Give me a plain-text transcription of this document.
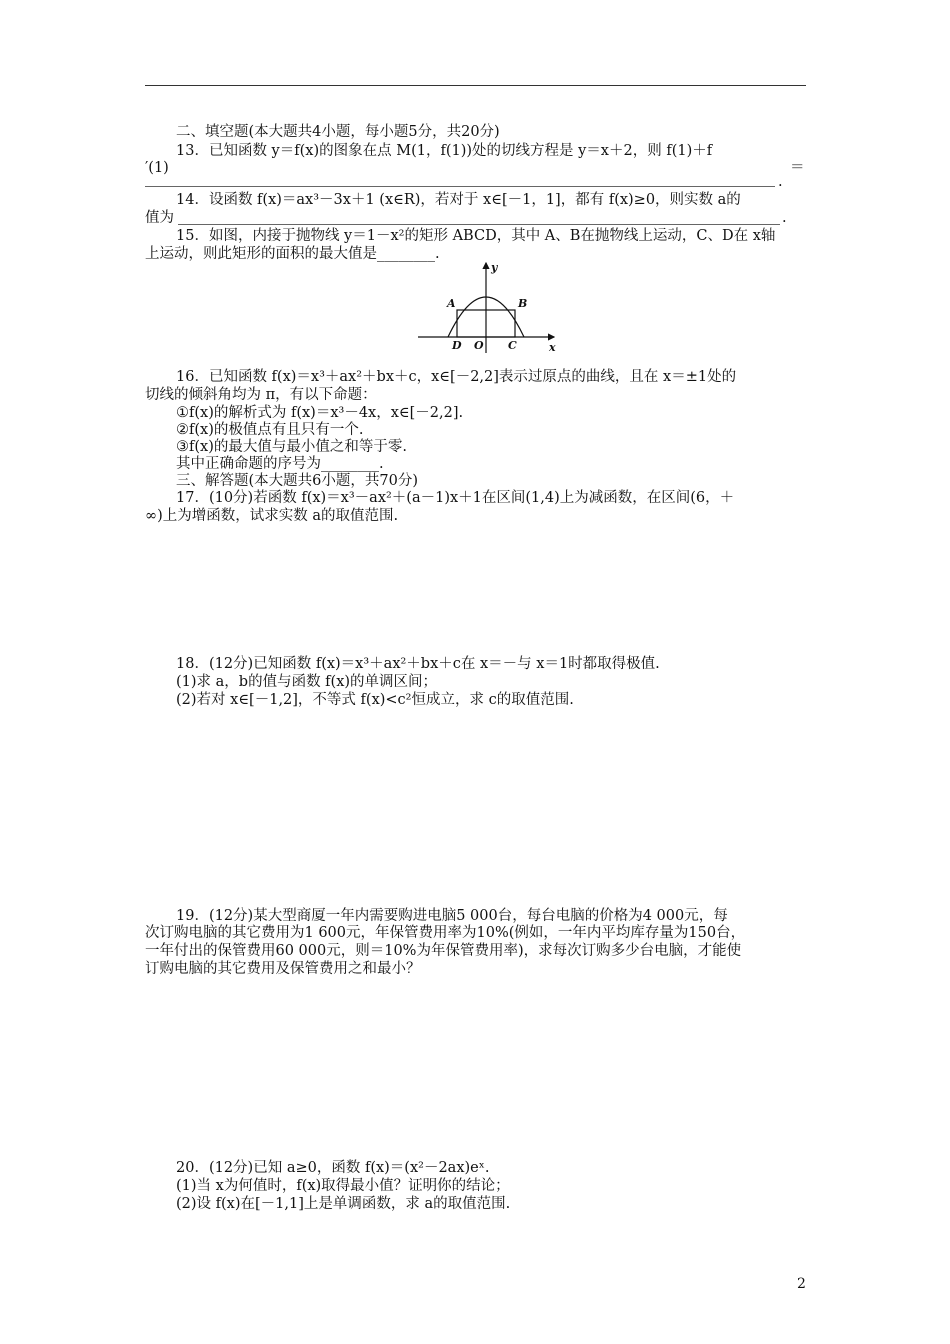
二、填空题(本大题共4小题，每小题5分，共20分)
13．已知函数 y＝f(x)的图象在点 M(1，f(1))处的切线方程是 y＝x＋2，则 f(1)＋f
′(1)	＝
.
14．设函数 f(x)＝ax³－3x＋1 (x∈R)，若对于 x∈[－1，1]，都有 f(x)≥0，则实数 a的
值为	.
15．如图，内接于抛物线 y＝1－x²的矩形 ABCD，其中 A、B在抛物线上运动，C、D在 x轴
上运动，则此矩形的面积的最大值是________.
y
x
A	B
D O C
16．已知函数 f(x)＝x³＋ax²＋bx＋c，x∈[－2,2]表示过原点的曲线，且在 x＝±1处的
切线的倾斜角均为 π，有以下命题：
①f(x)的解析式为 f(x)＝x³－4x，x∈[－2,2].
②f(x)的极值点有且只有一个.
③f(x)的最大值与最小值之和等于零.
其中正确命题的序号为________.
三、解答题(本大题共6小题，共70分)
17．(10分)若函数 f(x)＝x³－ax²＋(a－1)x＋1在区间(1,4)上为减函数，在区间(6，＋
∞)上为增函数，试求实数 a的取值范围.
18．(12分)已知函数 f(x)＝x³＋ax²＋bx＋c在 x＝－与 x＝1时都取得极值.
(1)求 a，b的值与函数 f(x)的单调区间；
(2)若对 x∈[－1,2]，不等式 f(x)<c²恒成立，求 c的取值范围.
19．(12分)某大型商厦一年内需要购进电脑5 000台，每台电脑的价格为4 000元，每
次订购电脑的其它费用为1 600元，年保管费用率为10%(例如，一年内平均库存量为150台，
一年付出的保管费用60 000元，则＝10%为年保管费用率)，求每次订购多少台电脑，才能使
订购电脑的其它费用及保管费用之和最小？
20．(12分)已知 a≥0，函数 f(x)＝(x²－2ax)eˣ.
(1)当 x为何值时，f(x)取得最小值？证明你的结论；
(2)设 f(x)在[－1,1]上是单调函数，求 a的取值范围.
2
